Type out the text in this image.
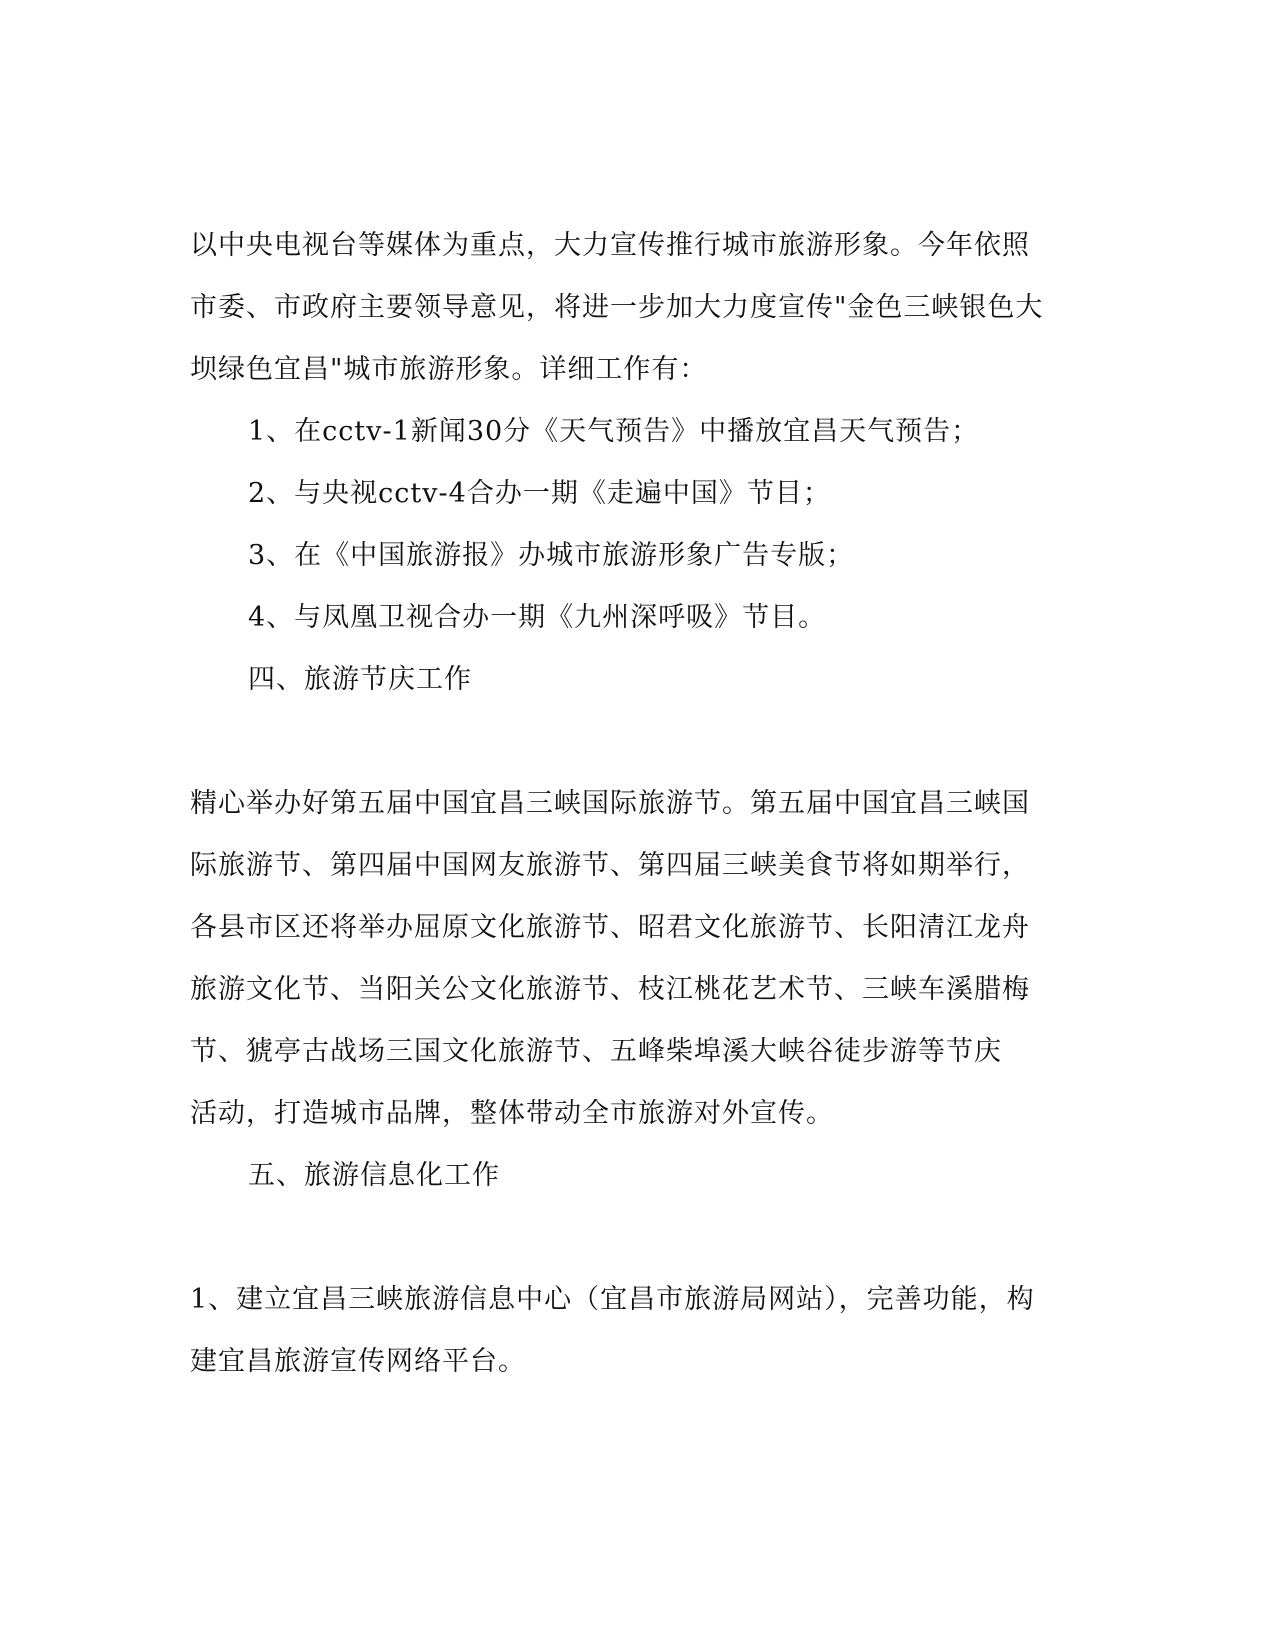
以中央电视台等媒体为重点，大力宣传推行城市旅游形象。今年依照
市委、市政府主要领导意见，将进一步加大力度宣传"金色三峡银色大
坝绿色宜昌"城市旅游形象。详细工作有：
1、在cctv-1新闻30分《天气预告》中播放宜昌天气预告；
2、与央视cctv-4合办一期《走遍中国》节目；
3、在《中国旅游报》办城市旅游形象广告专版；
4、与凤凰卫视合办一期《九州深呼吸》节目。
四、旅游节庆工作
精心举办好第五届中国宜昌三峡国际旅游节。第五届中国宜昌三峡国
际旅游节、第四届中国网友旅游节、第四届三峡美食节将如期举行，
各县市区还将举办屈原文化旅游节、昭君文化旅游节、长阳清江龙舟
旅游文化节、当阳关公文化旅游节、枝江桃花艺术节、三峡车溪腊梅
节、猇亭古战场三国文化旅游节、五峰柴埠溪大峡谷徒步游等节庆
活动，打造城市品牌，整体带动全市旅游对外宣传。
五、旅游信息化工作
1、建立宜昌三峡旅游信息中心（宜昌市旅游局网站），完善功能，构
建宜昌旅游宣传网络平台。
